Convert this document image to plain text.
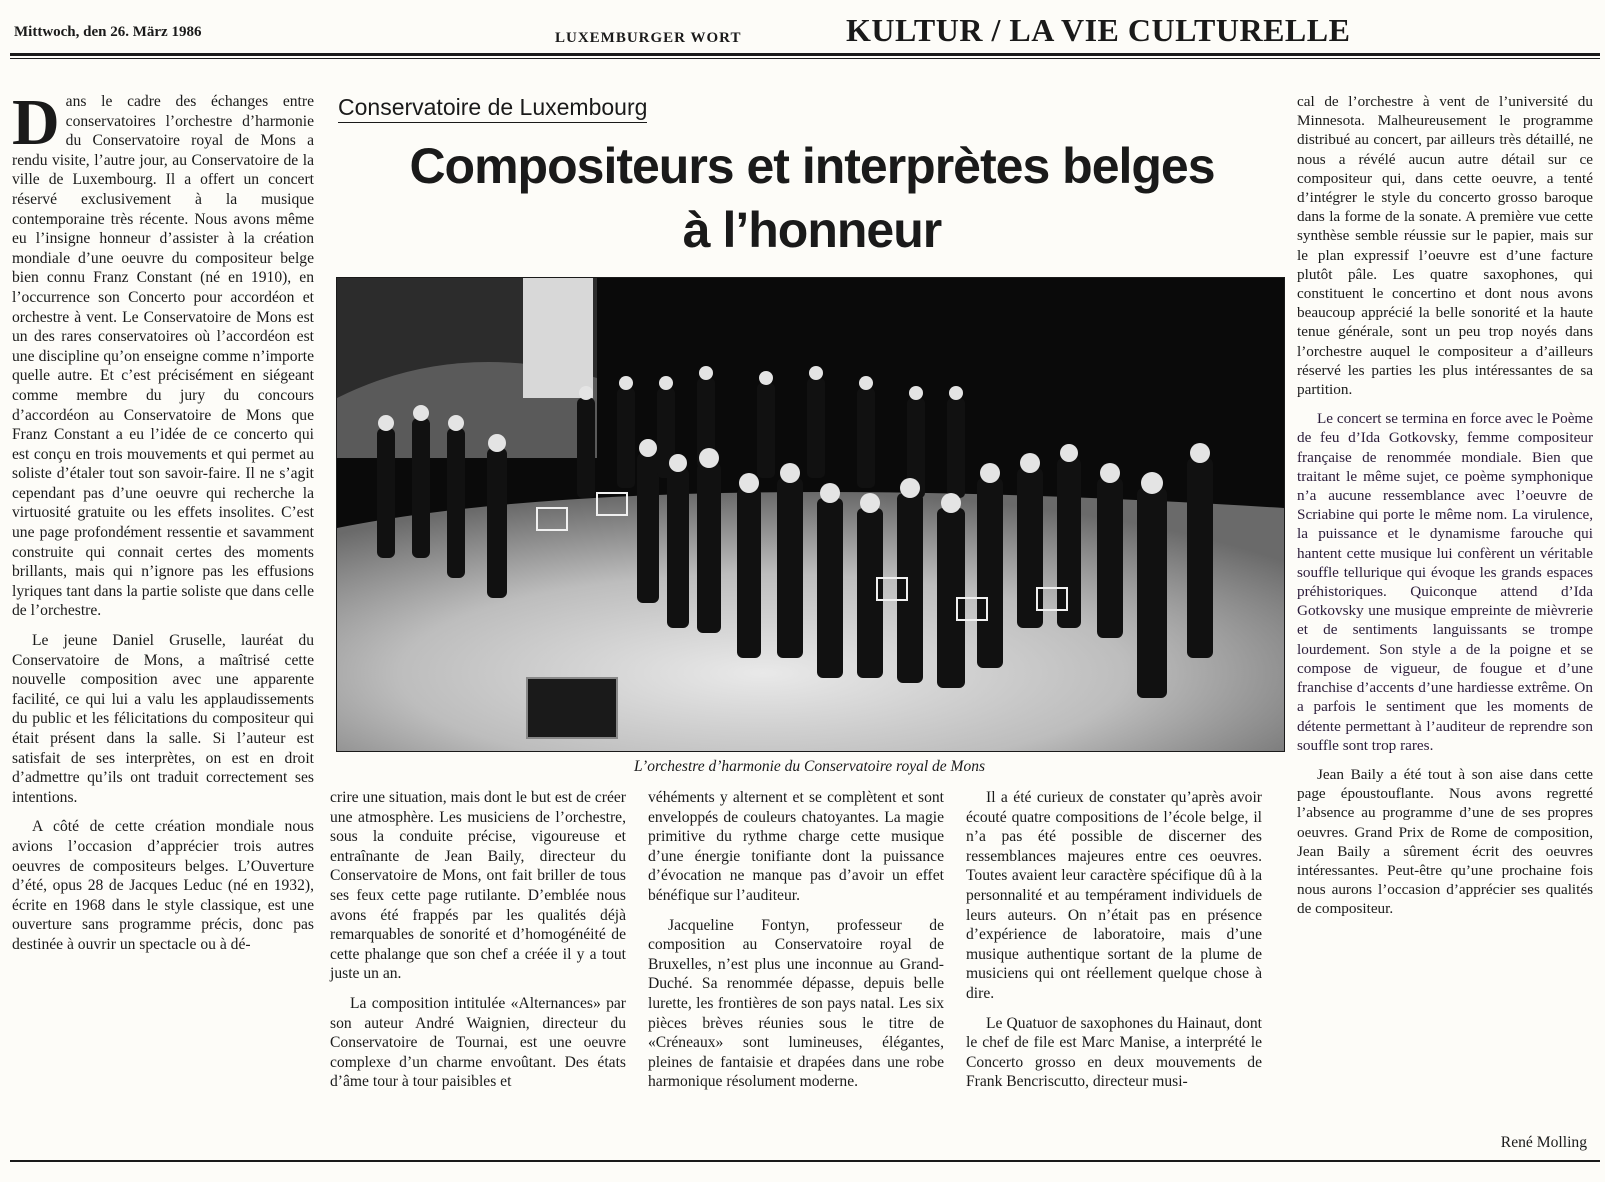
Mittwoch, den 26. März 1986	LUXEMBURGER WORT	KULTUR / LA VIE CULTURELLE

Dans le cadre des échanges entre conservatoires l’orchestre d’harmonie du Conservatoire royal de Mons a rendu visite, l’autre jour, au Conservatoire de la ville de Luxembourg. Il a offert un concert réservé exclusivement à la musique contemporaine très récente. Nous avons même eu l’insigne honneur d’assister à la création mondiale d’une oeuvre du compositeur belge bien connu Franz Constant (né en 1910), en l’occurrence son Concerto pour accordéon et orchestre à vent. Le Conservatoire de Mons est un des rares conservatoires où l’accordéon est une discipline qu’on enseigne comme n’importe quelle autre. Et c’est précisément en siégeant comme membre du jury du concours d’accordéon au Conservatoire de Mons que Franz Constant a eu l’idée de ce concerto qui est conçu en trois mouvements et qui permet au soliste d’étaler tout son savoir-faire. Il ne s’agit cependant pas d’une oeuvre qui recherche la virtuosité gratuite ou les effets insolites. C’est une page profondément ressentie et savamment construite qui connait certes des moments brillants, mais qui n’ignore pas les effusions lyriques tant dans la partie soliste que dans celle de l’orchestre.

Le jeune Daniel Gruselle, lauréat du Conservatoire de Mons, a maîtrisé cette nouvelle composition avec une apparente facilité, ce qui lui a valu les applaudissements du public et les félicitations du compositeur qui était présent dans la salle. Si l’auteur est satisfait de ses interprètes, on est en droit d’admettre qu’ils ont traduit correctement ses intentions.

A côté de cette création mondiale nous avions l’occasion d’apprécier trois autres oeuvres de compositeurs belges. L’Ouverture d’été, opus 28 de Jacques Leduc (né en 1932), écrite en 1968 dans le style classique, est une ouverture sans programme précis, donc pas destinée à ouvrir un spectacle ou à dé-

Conservatoire de Luxembourg
Compositeurs et interprètes belges
à l’honneur
L’orchestre d’harmonie du Conservatoire royal de Mons

crire une situation, mais dont le but est de créer une atmosphère. Les musiciens de l’orchestre, sous la conduite précise, vigoureuse et entraînante de Jean Baily, directeur du Conservatoire de Mons, ont fait briller de tous ses feux cette page rutilante. D’emblée nous avons été frappés par les qualités déjà remarquables de sonorité et d’homogénéité de cette phalange que son chef a créée il y a tout juste un an.

La composition intitulée «Alternances» par son auteur André Waignien, directeur du Conservatoire de Tournai, est une oeuvre complexe d’un charme envoûtant. Des états d’âme tour à tour paisibles et

véhéments y alternent et se complètent et sont enveloppés de couleurs chatoyantes. La magie primitive du rythme charge cette musique d’une énergie tonifiante dont la puissance d’évocation ne manque pas d’avoir un effet bénéfique sur l’auditeur.

Jacqueline Fontyn, professeur de composition au Conservatoire royal de Bruxelles, n’est plus une inconnue au Grand-Duché. Sa renommée dépasse, depuis belle lurette, les frontières de son pays natal. Les six pièces brèves réunies sous le titre de «Créneaux» sont lumineuses, élégantes, pleines de fantaisie et drapées dans une robe harmonique résolument moderne.

Il a été curieux de constater qu’après avoir écouté quatre compositions de l’école belge, il n’a pas été possible de discerner des ressemblances majeures entre ces oeuvres. Toutes avaient leur caractère spécifique dû à la personnalité et au tempérament individuels de leurs auteurs. On n’était pas en présence d’expérience de laboratoire, mais d’une musique authentique sortant de la plume de musiciens qui ont réellement quelque chose à dire.

Le Quatuor de saxophones du Hainaut, dont le chef de file est Marc Manise, a interprété le Concerto grosso en deux mouvements de Frank Bencriscutto, directeur musi-

cal de l’orchestre à vent de l’université du Minnesota. Malheureusement le programme distribué au concert, par ailleurs très détaillé, ne nous a révélé aucun autre détail sur ce compositeur qui, dans cette oeuvre, a tenté d’intégrer le style du concerto grosso baroque dans la forme de la sonate. A première vue cette synthèse semble réussie sur le papier, mais sur le plan expressif l’oeuvre est d’une facture plutôt pâle. Les quatre saxophones, qui constituent le concertino et dont nous avons beaucoup apprécié la belle sonorité et la haute tenue générale, sont un peu trop noyés dans l’orchestre auquel le compositeur a d’ailleurs réservé les parties les plus intéressantes de sa partition.

Le concert se termina en force avec le Poème de feu d’Ida Gotkovsky, femme compositeur française de renommée mondiale. Bien que traitant le même sujet, ce poème symphonique n’a aucune ressemblance avec l’oeuvre de Scriabine qui porte le même nom. La virulence, la puissance et le dynamisme farouche qui hantent cette musique lui confèrent un véritable souffle tellurique qui évoque les grands espaces préhistoriques. Quiconque attend d’Ida Gotkovsky une musique empreinte de mièvrerie et de sentiments languissants se trompe lourdement. Son style a de la poigne et se compose de vigueur, de fougue et d’une franchise d’accents d’une hardiesse extrême. On a parfois le sentiment que les moments de détente permettant à l’auditeur de reprendre son souffle sont trop rares.

Jean Baily a été tout à son aise dans cette page époustouflante. Nous avons regretté l’absence au programme d’une de ses propres oeuvres. Grand Prix de Rome de composition, Jean Baily a sûrement écrit des oeuvres intéressantes. Peut-être qu’une prochaine fois nous aurons l’occasion d’apprécier ses qualités de compositeur.

René Molling
